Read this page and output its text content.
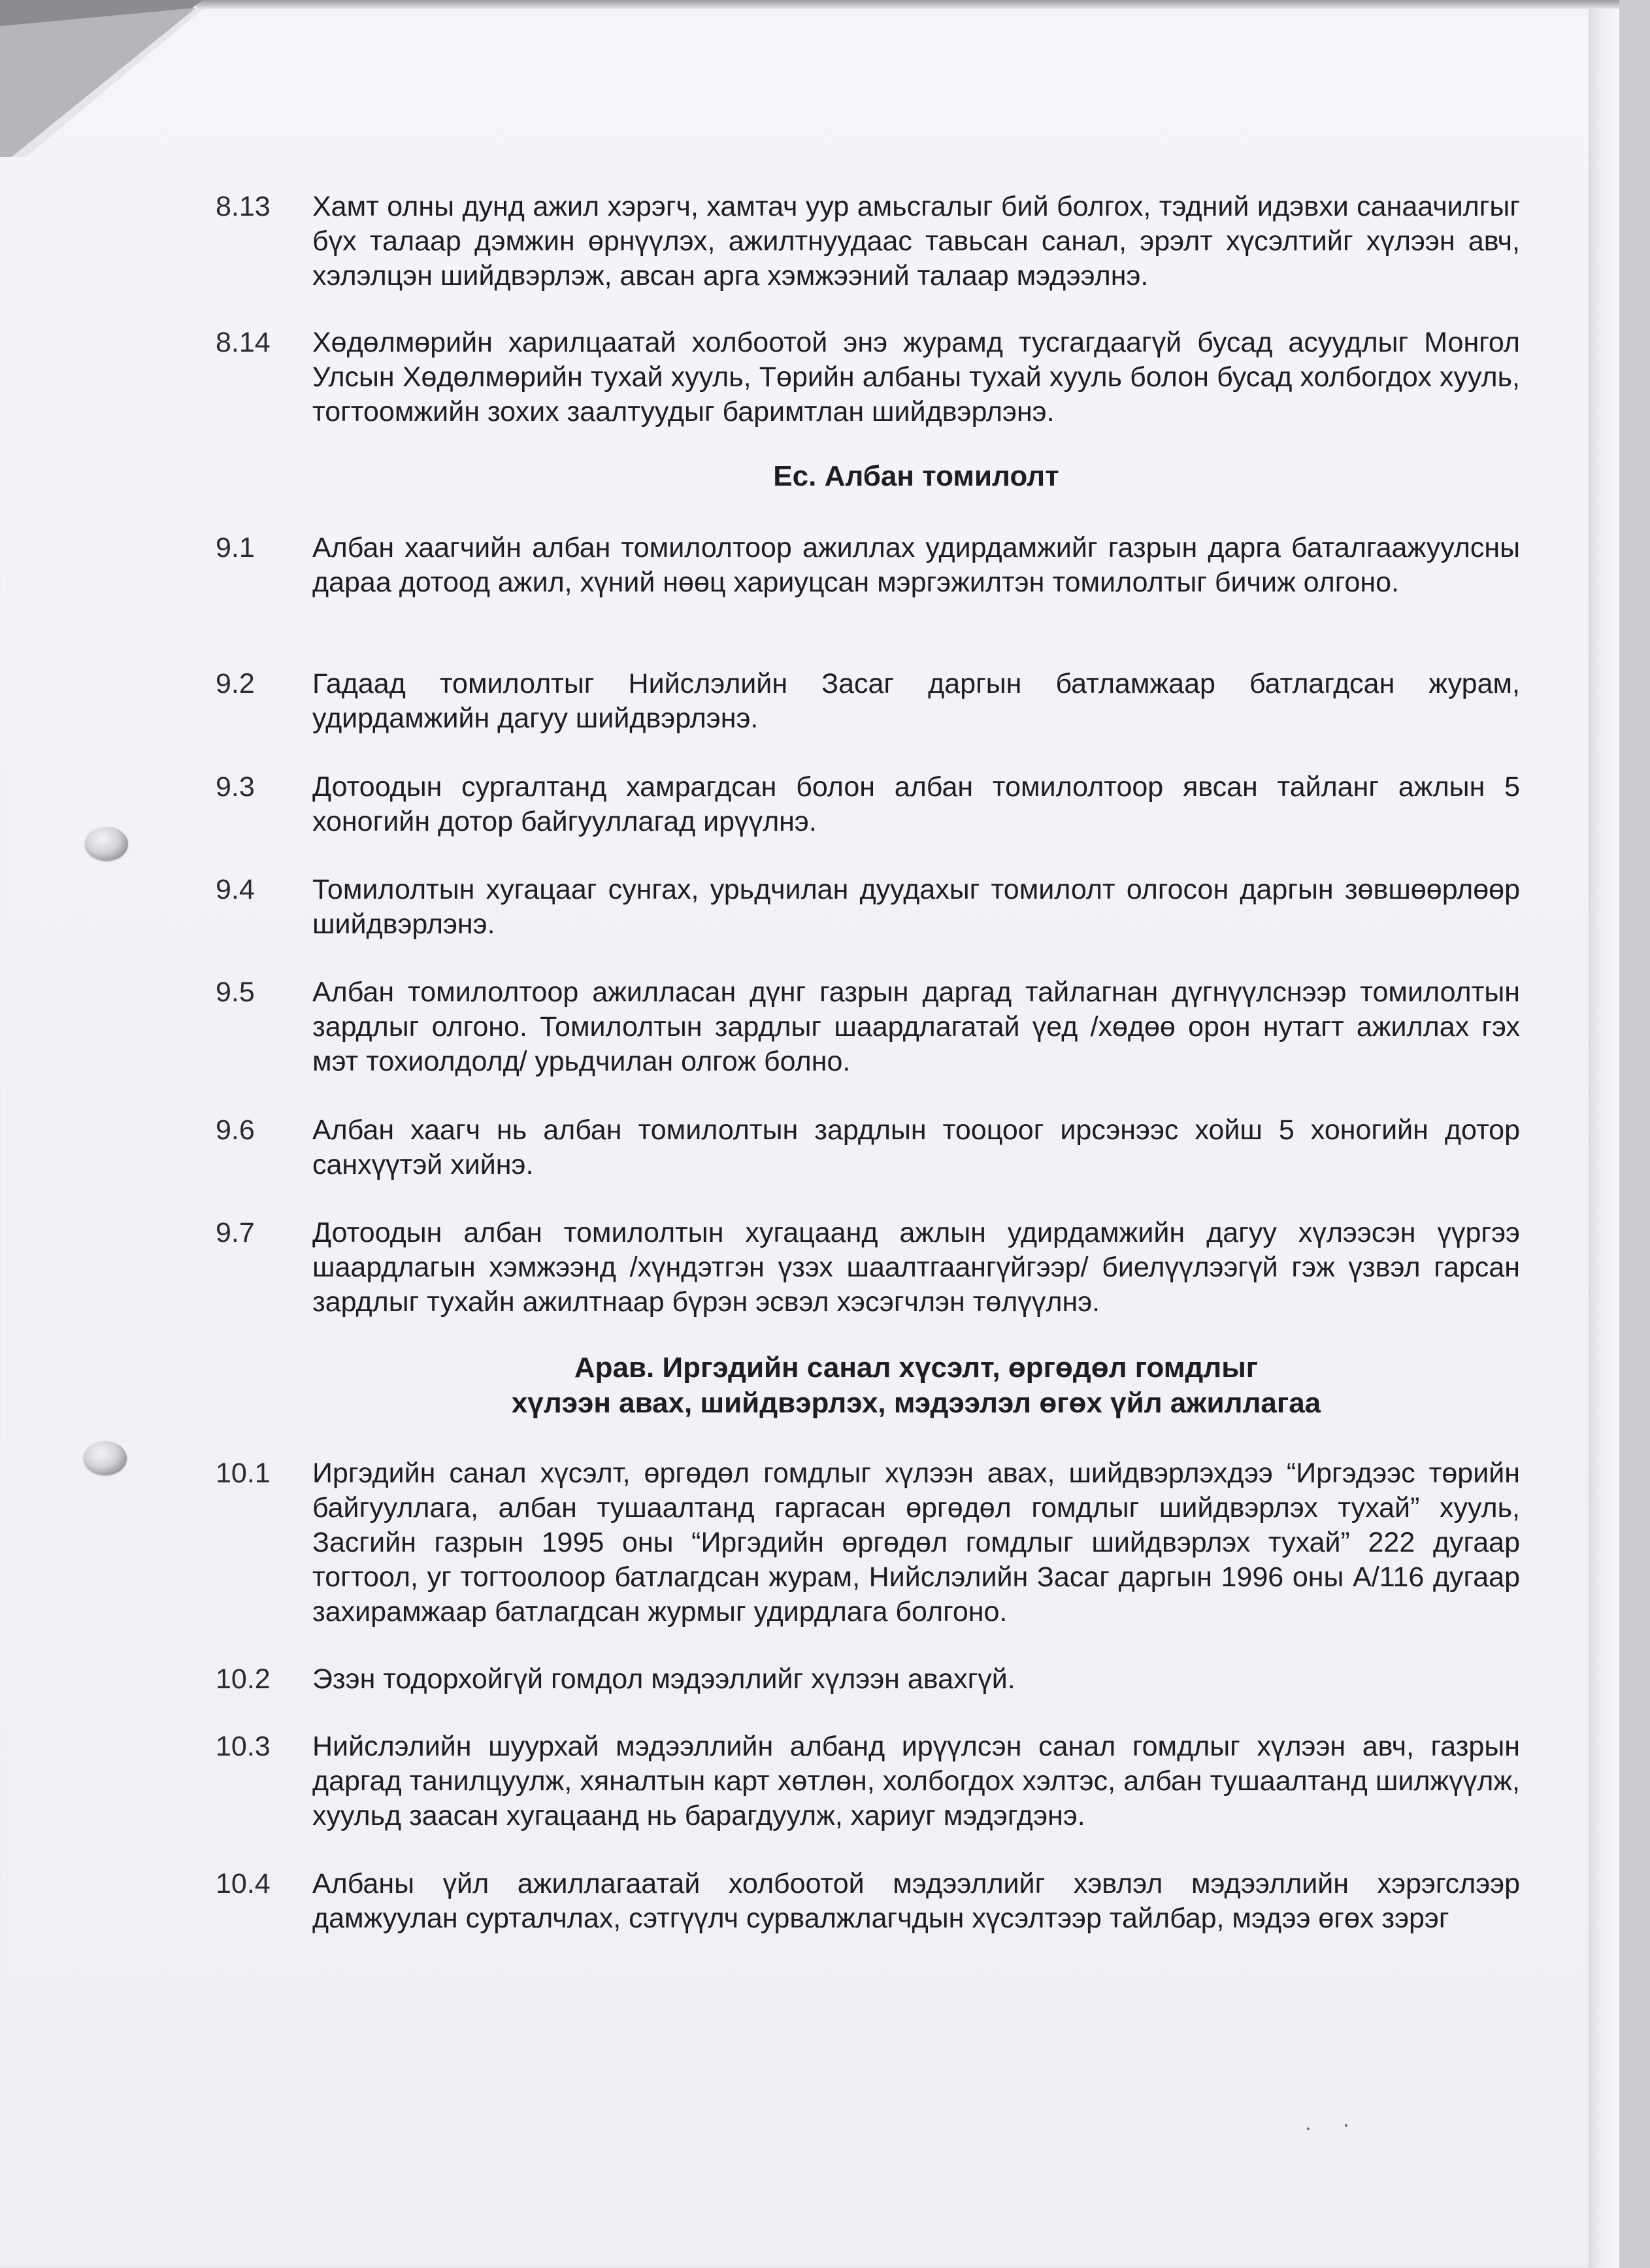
8.13	Хамт олны дунд ажил хэрэгч, хамтач уур амьсгалыг бий болгох, тэдний идэвхи санаачилгыг бүх талаар дэмжин өрнүүлэх, ажилтнуудаас тавьсан санал, эрэлт хүсэлтийг хүлээн авч, хэлэлцэн шийдвэрлэж, авсан арга хэмжээний талаар мэдээлнэ.
8.14	Хөдөлмөрийн харилцаатай холбоотой энэ журамд тусгагдаагүй бусад асуудлыг Монгол Улсын Хөдөлмөрийн тухай хууль, Төрийн албаны тухай хууль болон бусад холбогдох хууль, тогтоомжийн зохих заалтуудыг баримтлан шийдвэрлэнэ.
Ес. Албан томилолт
9.1	Албан хаагчийн албан томилолтоор ажиллах удирдамжийг газрын дарга баталгаажуулсны дараа дотоод ажил, хүний нөөц хариуцсан мэргэжилтэн томилолтыг бичиж олгоно.
9.2	Гадаад томилолтыг Нийслэлийн Засаг даргын батламжаар батлагдсан журам, удирдамжийн дагуу шийдвэрлэнэ.
9.3	Дотоодын сургалтанд хамрагдсан болон албан томилолтоор явсан тайланг ажлын 5 хоногийн дотор байгууллагад ирүүлнэ.
9.4	Томилолтын хугацааг сунгах, урьдчилан дуудахыг томилолт олгосон даргын зөвшөөрлөөр шийдвэрлэнэ.
9.5	Албан томилолтоор ажилласан дүнг газрын даргад тайлагнан дүгнүүлснээр томилолтын зардлыг олгоно. Томилолтын зардлыг шаардлагатай үед /хөдөө орон нутагт ажиллах гэх мэт тохиолдолд/ урьдчилан олгож болно.
9.6	Албан хаагч нь албан томилолтын зардлын тооцоог ирсэнээс хойш 5 хоногийн дотор санхүүтэй хийнэ.
9.7	Дотоодын албан томилолтын хугацаанд ажлын удирдамжийн дагуу хүлээсэн үүргээ шаардлагын хэмжээнд /хүндэтгэн үзэх шаалтгаангүйгээр/ биелүүлээгүй гэж үзвэл гарсан зардлыг тухайн ажилтнаар бүрэн эсвэл хэсэгчлэн төлүүлнэ.
Арав. Иргэдийн санал хүсэлт, өргөдөл гомдлыг
хүлээн авах, шийдвэрлэх, мэдээлэл өгөх үйл ажиллагаа
10.1	Иргэдийн санал хүсэлт, өргөдөл гомдлыг хүлээн авах, шийдвэрлэхдээ “Иргэдээс төрийн байгууллага, албан тушаалтанд гаргасан өргөдөл гомдлыг шийдвэрлэх тухай” хууль, Засгийн газрын 1995 оны “Иргэдийн өргөдөл гомдлыг шийдвэрлэх тухай” 222 дугаар тогтоол, уг тогтоолоор батлагдсан журам, Нийслэлийн Засаг даргын 1996 оны А/116 дугаар захирамжаар батлагдсан журмыг удирдлага болгоно.
10.2	Эзэн тодорхойгүй гомдол мэдээллийг хүлээн авахгүй.
10.3	Нийслэлийн шуурхай мэдээллийн албанд ирүүлсэн санал гомдлыг хүлээн авч, газрын даргад танилцуулж, хяналтын карт хөтлөн, холбогдох хэлтэс, албан тушаалтанд шилжүүлж, хуульд заасан хугацаанд нь барагдуулж, хариуг мэдэгдэнэ.
10.4	Албаны үйл ажиллагаатай холбоотой мэдээллийг хэвлэл мэдээллийн хэрэгслээр дамжуулан сурталчлах, сэтгүүлч сурвалжлагчдын хүсэлтээр тайлбар, мэдээ өгөх зэрэг
